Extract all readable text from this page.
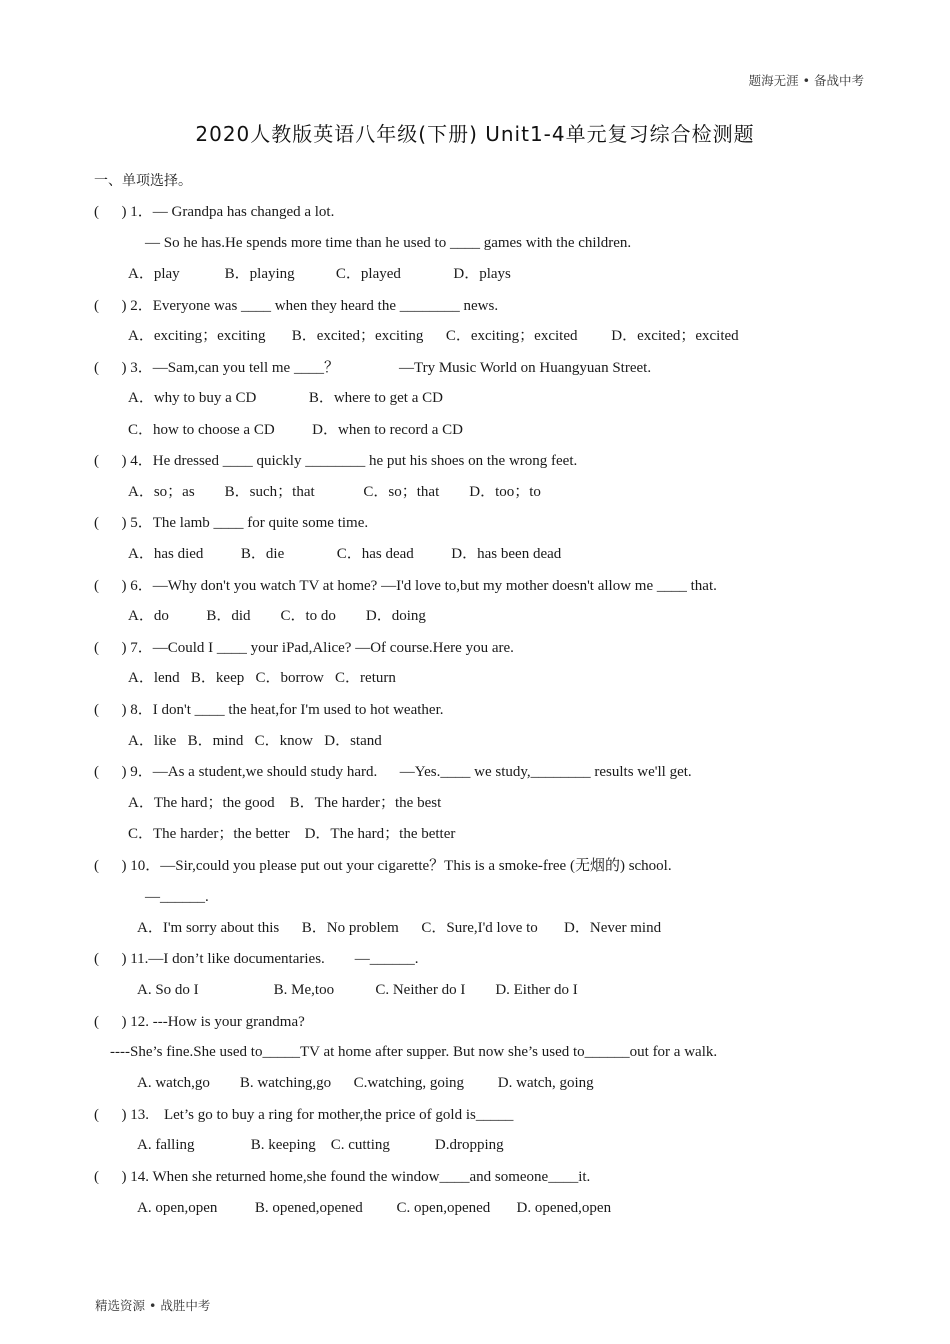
题海无涯 • 备战中考
2020人教版英语八年级(下册) Unit1-4单元复习综合检测题
一、单项选择。
(      ) 1．— Grandpa has changed a lot.
— So he has.He spends more time than he used to ____ games with the children.
A．play            B．playing           C．played              D．plays
(      ) 2．Everyone was ____ when they heard the ________ news.
A．exciting；exciting       B．excited；exciting      C．exciting；excited         D．excited；excited
(      ) 3．—Sam,can you tell me ____？                —Try Music World on Huangyuan Street.
A．why to buy a CD              B．where to get a CD
C．how to choose a CD          D．when to record a CD
(      ) 4．He dressed ____ quickly ________ he put his shoes on the wrong feet.
A．so；as        B．such；that             C．so；that        D．too；to
(      ) 5．The lamb ____ for quite some time.
A．has died          B．die              C．has dead          D．has been dead
(      ) 6．—Why don't you watch TV at home? —I'd love to,but my mother doesn't allow me ____ that.
A．do          B．did        C．to do        D．doing
(      ) 7．—Could I ____ your iPad,Alice? —Of course.Here you are.
A．lend   B．keep   C．borrow   C．return
(      ) 8．I don't ____ the heat,for I'm used to hot weather.
A．like   B．mind   C．know   D．stand
(      ) 9．—As a student,we should study hard.      —Yes.____ we study,________ results we'll get.
A．The hard；the good    B．The harder；the best
C．The harder；the better    D．The hard；the better
(      ) 10．—Sir,could you please put out your cigarette？This is a smoke-free (无烟的) school.
—______.
A．I'm sorry about this      B．No problem      C．Sure,I'd love to       D．Never mind
(      ) 11.—I don’t like documentaries.        —______.
A. So do I                    B. Me,too           C. Neither do I        D. Either do I
(      ) 12. ---How is your grandma?
----She’s fine.She used to_____TV at home after supper. But now she’s used to______out for a walk.
A. watch,go        B. watching,go      C.watching, going         D. watch, going
(      ) 13.    Let’s go to buy a ring for mother,the price of gold is_____
A. falling               B. keeping    C. cutting            D.dropping
(      ) 14. When she returned home,she found the window____and someone____it.
A. open,open          B. opened,opened         C. open,opened       D. opened,open
精选资源 • 战胜中考
